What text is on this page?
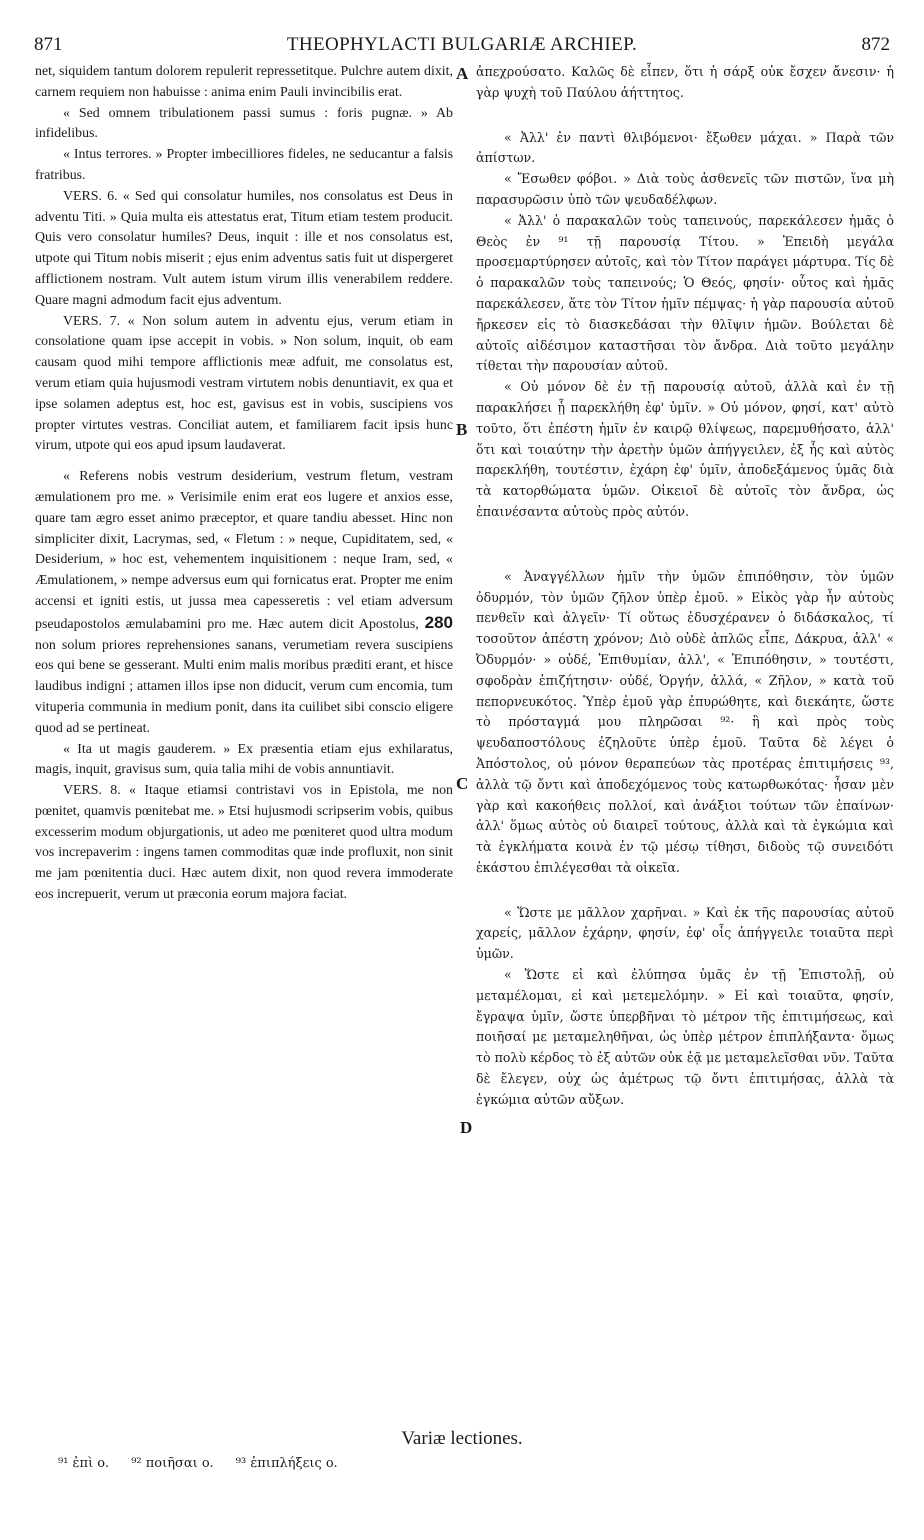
871	THEOPHYLACTI BULGARIÆ ARCHIEP.	872
A
B
C
D

net, siquidem tantum dolorem repulerit repressetitque. Pulchre autem dixit, carnem requiem non habuisse : anima enim Pauli invincibilis erat.

« Sed omnem tribulationem passi sumus : foris pugnæ. » Ab infidelibus.

« Intus terrores. » Propter imbecilliores fideles, ne seducantur a falsis fratribus.

VERS. 6. « Sed qui consolatur humiles, nos consolatus est Deus in adventu Titi. » Quia multa eis attestatus erat, Titum etiam testem producit. Quis vero consolatur humiles? Deus, inquit : ille et nos consolatus est, utpote qui Titum nobis miserit ; ejus enim adventus satis fuit ut dispergeret afflictionem nostram. Vult autem istum virum illis venerabilem reddere. Quare magni admodum facit ejus adventum.

VERS. 7. « Non solum autem in adventu ejus, verum etiam in consolatione quam ipse accepit in vobis. » Non solum, inquit, ob eam causam quod mihi tempore afflictionis meæ adfuit, me consolatus est, verum etiam quia hujusmodi vestram virtutem nobis denuntiavit, ex qua et ipse solamen adeptus est, hoc est, gavisus est in vobis, suscipiens vos propter virtutes vestras. Conciliat autem, et familiarem facit ipsis hunc virum, utpote qui eos apud ipsum laudaverat.

« Referens nobis vestrum desiderium, vestrum fletum, vestram æmulationem pro me. » Verisimile enim erat eos lugere et anxios esse, quare tam ægro esset animo præceptor, et quare tandiu abesset. Hinc non simpliciter dixit, Lacrymas, sed, « Fletum : » neque, Cupiditatem, sed, « Desiderium, » hoc est, vehementem inquisitionem : neque Iram, sed, « Æmulationem, » nempe adversus eum qui fornicatus erat. Propter me enim accensi et igniti estis, ut jussa mea capesseretis : vel etiam adversum pseudapostolos æmulabamini pro me. Hæc autem dicit Apostolus, 280 non solum priores reprehensiones sanans, verumetiam revera suscipiens eos qui bene se gesserant. Multi enim malis moribus præditi erant, et hisce laudibus indigni ; attamen illos ipse non diducit, verum cum encomia, tum vituperia communia in medium ponit, dans ita cuilibet sibi conscio eligere quod ad se pertineat.

« Ita ut magis gauderem. » Ex præsentia etiam ejus exhilaratus, magis, inquit, gravisus sum, quia talia mihi de vobis annuntiavit.

VERS. 8. « Itaque etiamsi contristavi vos in Epistola, me non pœnitet, quamvis pœnitebat me. » Etsi hujusmodi scripserim vobis, quibus excesserim modum objurgationis, ut adeo me pœniteret quod ultra modum vos increpaverim : ingens tamen commoditas quæ inde profluxit, non sinit me jam pœnitentia duci. Hæc autem dixit, non quod revera immoderate eos increpuerit, verum ut præconia eorum majora faciat.

ἀπεχρούσατο. Καλῶς δὲ εἶπεν, ὅτι ἡ σάρξ οὐκ ἔσχεν ἄνεσιν· ἡ γὰρ ψυχὴ τοῦ Παύλου ἀήττητος.

« Ἀλλ' ἐν παντὶ θλιβόμενοι· ἔξωθεν μάχαι. » Παρὰ τῶν ἀπίστων.

« Ἔσωθεν φόβοι. » Διὰ τοὺς ἀσθενεῖς τῶν πιστῶν, ἵνα μὴ παρασυρῶσιν ὑπὸ τῶν ψευδαδέλφων.

« Ἀλλ' ὁ παρακαλῶν τοὺς ταπεινούς, παρεκάλεσεν ἡμᾶς ὁ Θεὸς ἐν ⁹¹ τῇ παρουσίᾳ Τίτου. » Ἐπειδὴ μεγάλα προσεμαρτύρησεν αὐτοῖς, καὶ τὸν Τίτον παράγει μάρτυρα. Τίς δὲ ὁ παρακαλῶν τοὺς ταπεινούς; Ὁ Θεός, φησίν· οὗτος καὶ ἡμᾶς παρεκάλεσεν, ἅτε τὸν Τίτον ἡμῖν πέμψας· ἡ γὰρ παρουσία αὐτοῦ ἤρκεσεν εἰς τὸ διασκεδάσαι τὴν θλῖψιν ἡμῶν. Βούλεται δὲ αὐτοῖς αἰδέσιμον καταστῆσαι τὸν ἄνδρα. Διὰ τοῦτο μεγάλην τίθεται τὴν παρουσίαν αὐτοῦ.

« Οὐ μόνον δὲ ἐν τῇ παρουσίᾳ αὐτοῦ, ἀλλὰ καὶ ἐν τῇ παρακλήσει ᾗ παρεκλήθη ἐφ' ὑμῖν. » Οὐ μόνον, φησί, κατ' αὐτὸ τοῦτο, ὅτι ἐπέστη ἡμῖν ἐν καιρῷ θλίψεως, παρεμυθήσατο, ἀλλ' ὅτι καὶ τοιαύτην τὴν ἀρετὴν ὑμῶν ἀπήγγειλεν, ἐξ ἧς καὶ αὐτὸς παρεκλήθη, τουτέστιν, ἐχάρη ἐφ' ὑμῖν, ἀποδεξάμενος ὑμᾶς διὰ τὰ κατορθώματα ὑμῶν. Οἰκειοῖ δὲ αὐτοῖς τὸν ἄνδρα, ὡς ἐπαινέσαντα αὐτοὺς πρὸς αὐτόν.

« Ἀναγγέλλων ἡμῖν τὴν ὑμῶν ἐπιπόθησιν, τὸν ὑμῶν ὀδυρμόν, τὸν ὑμῶν ζῆλον ὑπὲρ ἐμοῦ. » Εἰκὸς γὰρ ἦν αὐτοὺς πενθεῖν καὶ ἀλγεῖν· Τί οὕτως ἐδυσχέρανεν ὁ διδάσκαλος, τί τοσοῦτον ἀπέστη χρόνον; Διὸ οὐδὲ ἁπλῶς εἶπε, Δάκρυα, ἀλλ' « Ὀδυρμόν· » οὐδέ, Ἐπιθυμίαν, ἀλλ', « Ἐπιπόθησιν, » τουτέστι, σφοδρὰν ἐπιζήτησιν· οὐδέ, Ὀργήν, ἀλλά, « Ζῆλον, » κατὰ τοῦ πεπορνευκότος. Ὑπὲρ ἐμοῦ γὰρ ἐπυρώθητε, καὶ διεκάητε, ὥστε τὸ πρόσταγμά μου πληρῶσαι ⁹²· ἢ καὶ πρὸς τοὺς ψευδαποστόλους ἐζηλοῦτε ὑπὲρ ἐμοῦ. Ταῦτα δὲ λέγει ὁ Ἀπόστολος, οὐ μόνον θεραπεύων τὰς προτέρας ἐπιτιμήσεις ⁹³, ἀλλὰ τῷ ὄντι καὶ ἀποδεχόμενος τοὺς κατωρθωκότας· ἦσαν μὲν γὰρ καὶ κακοήθεις πολλοί, καὶ ἀνάξιοι τούτων τῶν ἐπαίνων· ἀλλ' ὅμως αὐτὸς οὐ διαιρεῖ τούτους, ἀλλὰ καὶ τὰ ἐγκώμια καὶ τὰ ἐγκλήματα κοινὰ ἐν τῷ μέσῳ τίθησι, διδοὺς τῷ συνειδότι ἑκάστου ἐπιλέγεσθαι τὰ οἰκεῖα.

« Ὥστε με μᾶλλον χαρῆναι. » Καὶ ἐκ τῆς παρουσίας αὐτοῦ χαρείς, μᾶλλον ἐχάρην, φησίν, ἐφ' οἷς ἀπήγγειλε τοιαῦτα περὶ ὑμῶν.

« Ὥστε εἰ καὶ ἐλύπησα ὑμᾶς ἐν τῇ Ἐπιστολῇ, οὐ μεταμέλομαι, εἰ καὶ μετεμελόμην. » Εἰ καὶ τοιαῦτα, φησίν, ἔγραψα ὑμῖν, ὥστε ὑπερβῆναι τὸ μέτρον τῆς ἐπιτιμήσεως, καὶ ποιῆσαί με μεταμεληθῆναι, ὡς ὑπὲρ μέτρον ἐπιπλήξαντα· ὅμως τὸ πολὺ κέρδος τὸ ἐξ αὐτῶν οὐκ ἐᾷ με μεταμελεῖσθαι νῦν. Ταῦτα δὲ ἔλεγεν, οὐχ ὡς ἀμέτρως τῷ ὄντι ἐπιτιμήσας, ἀλλὰ τὰ ἐγκώμια αὐτῶν αὔξων.

Variæ lectiones.
⁹¹ ἐπὶ o. ⁹² ποιῆσαι o. ⁹³ ἐπιπλήξεις o.
